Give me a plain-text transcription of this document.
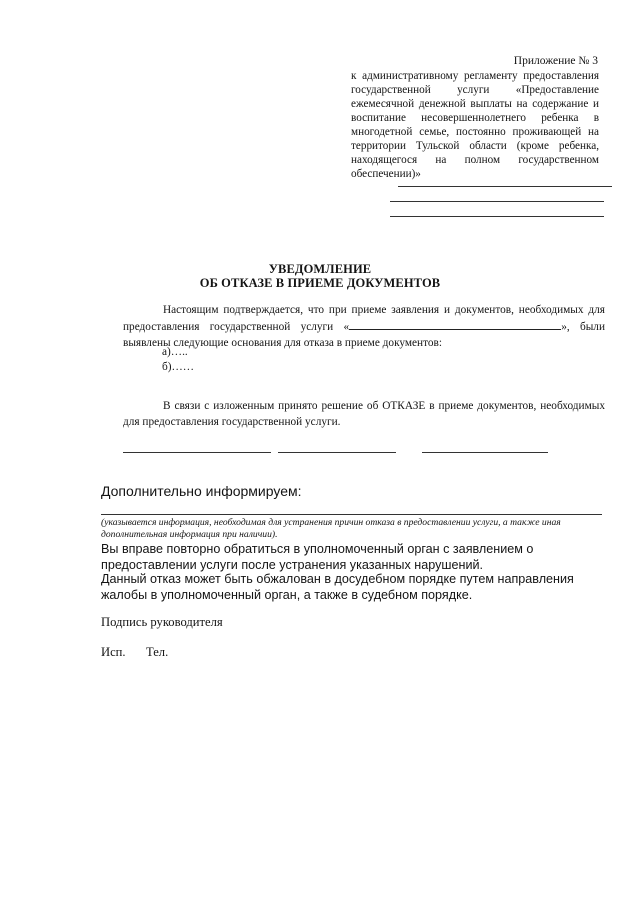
Приложение № 3
к административному регламенту предоставления государственной услуги «Предоставление ежемесячной денежной выплаты на содержание и воспитание несовершеннолетнего ребенка в многодетной семье, постоянно проживающей на территории Тульской области (кроме ребенка, находящегося на полном государственном обеспечении)»
УВЕДОМЛЕНИЕ
ОБ ОТКАЗЕ В ПРИЕМЕ ДОКУМЕНТОВ
Настоящим подтверждается, что при приеме заявления и документов, необходимых для предоставления государственной услуги «	», были выявлены следующие основания для отказа в приеме документов:
а)…..
б)……
В связи с изложенным принято решение об ОТКАЗЕ в приеме документов, необходимых для предоставления государственной услуги.
Дополнительно информируем:
(указывается информация, необходимая для устранения причин отказа в предоставлении услуги, а также иная дополнительная информация при наличии).
Вы вправе повторно обратиться в уполномоченный орган с заявлением о предоставлении услуги после устранения указанных нарушений.
Данный отказ может быть обжалован в досудебном порядке путем направления жалобы в уполномоченный орган, а также в судебном порядке.
Подпись руководителя
Исп. Тел.
